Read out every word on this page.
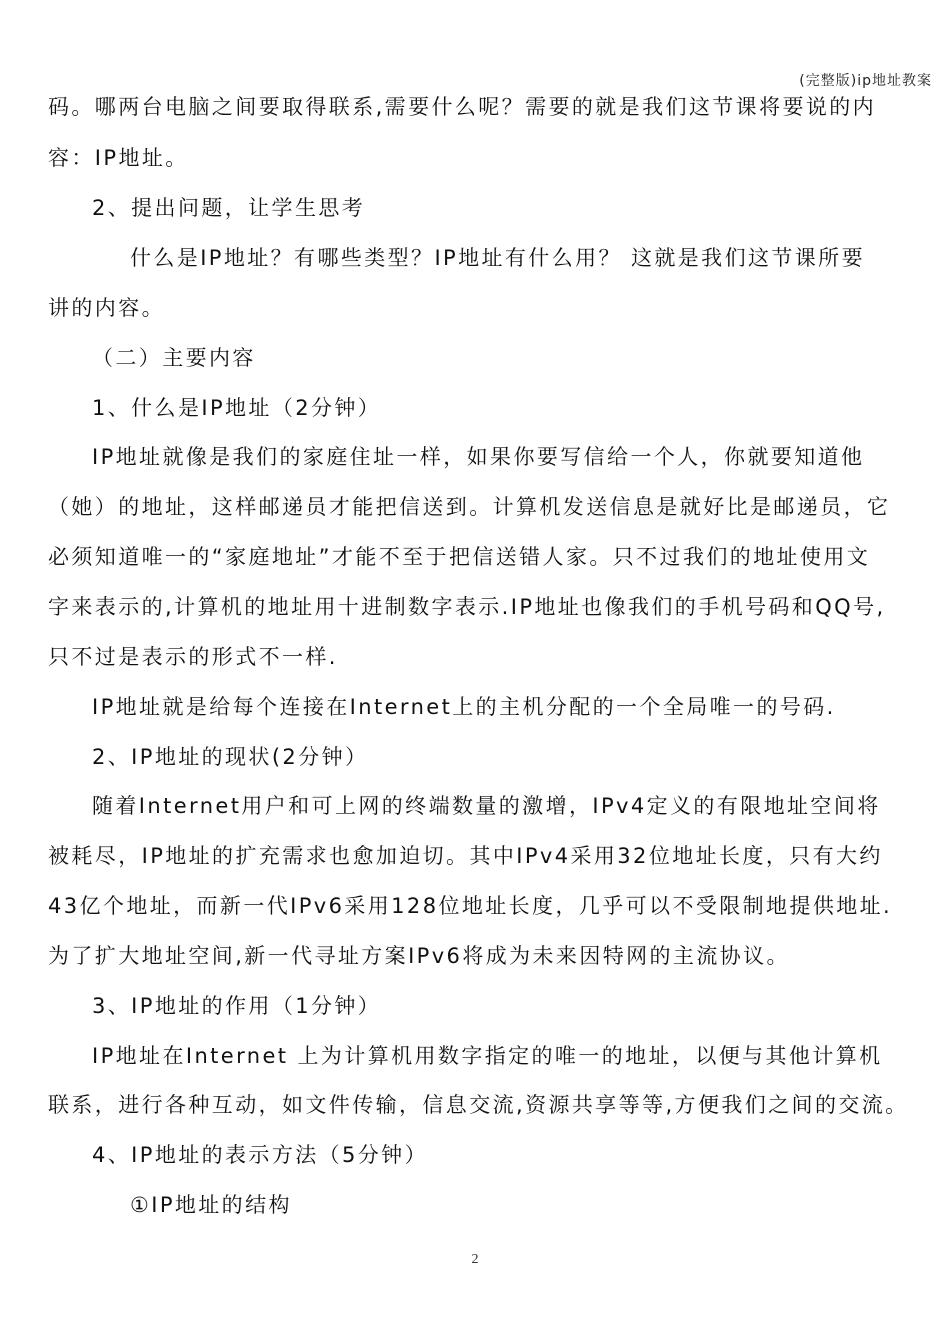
(完整版)ip地址教案
码。哪两台电脑之间要取得联系,需要什么呢？需要的就是我们这节课将要说的内
容：IP地址。
2、提出问题，让学生思考
什么是IP地址？有哪些类型？IP地址有什么用？ 这就是我们这节课所要
讲的内容。
（二）主要内容
1、什么是IP地址（2分钟）
IP地址就像是我们的家庭住址一样，如果你要写信给一个人，你就要知道他
（她）的地址，这样邮递员才能把信送到。计算机发送信息是就好比是邮递员，它
必须知道唯一的“家庭地址”才能不至于把信送错人家。只不过我们的地址使用文
字来表示的,计算机的地址用十进制数字表示.IP地址也像我们的手机号码和QQ号,
只不过是表示的形式不一样.
IP地址就是给每个连接在Internet上的主机分配的一个全局唯一的号码.
2、IP地址的现状(2分钟）
随着Internet用户和可上网的终端数量的激增，IPv4定义的有限地址空间将
被耗尽，IP地址的扩充需求也愈加迫切。其中IPv4采用32位地址长度，只有大约
43亿个地址，而新一代IPv6采用128位地址长度，几乎可以不受限制地提供地址.
为了扩大地址空间,新一代寻址方案IPv6将成为未来因特网的主流协议。
3、IP地址的作用（1分钟）
IP地址在Internet 上为计算机用数字指定的唯一的地址，以便与其他计算机
联系，进行各种互动，如文件传输，信息交流,资源共享等等,方便我们之间的交流。
4、IP地址的表示方法（5分钟）
①IP地址的结构
2
